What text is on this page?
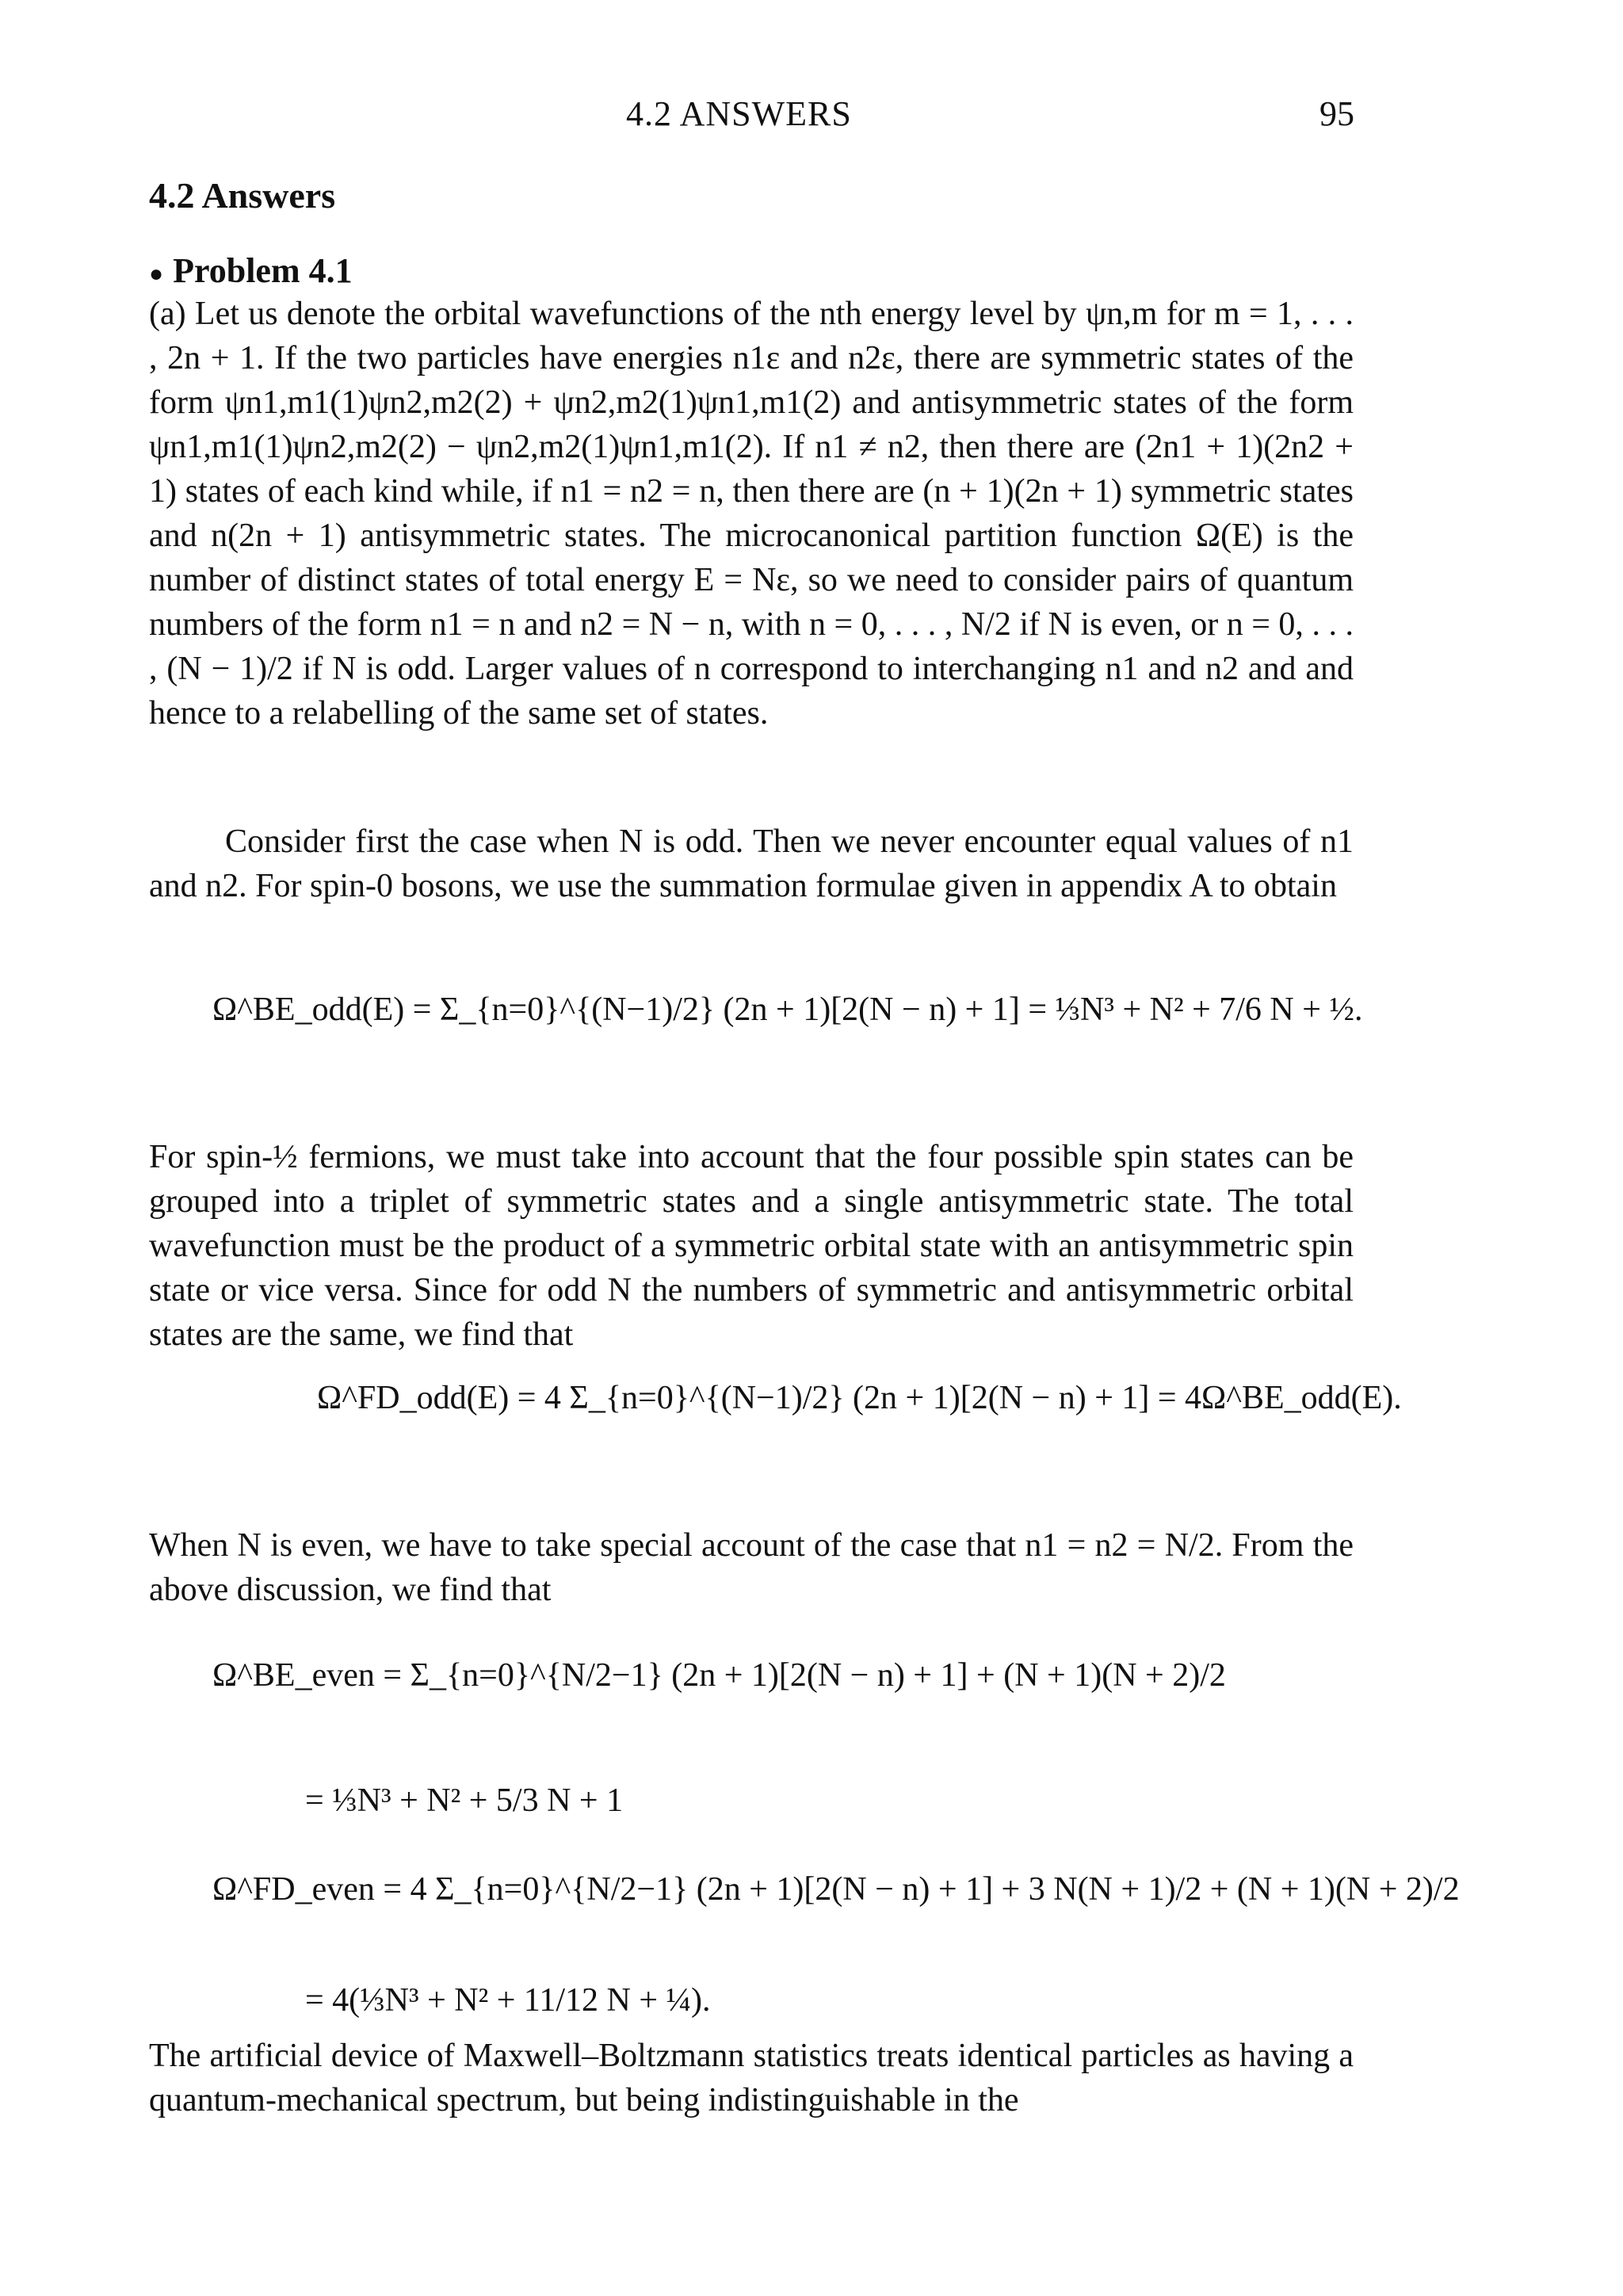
4.2 ANSWERS	95
4.2 Answers
● Problem 4.1
(a) Let us denote the orbital wavefunctions of the nth energy level by ψn,m for m = 1, . . . , 2n + 1. If the two particles have energies n1ε and n2ε, there are symmetric states of the form ψn1,m1(1)ψn2,m2(2) + ψn2,m2(1)ψn1,m1(2) and antisymmetric states of the form ψn1,m1(1)ψn2,m2(2) − ψn2,m2(1)ψn1,m1(2). If n1 ≠ n2, then there are (2n1 + 1)(2n2 + 1) states of each kind while, if n1 = n2 = n, then there are (n + 1)(2n + 1) symmetric states and n(2n + 1) antisymmetric states. The microcanonical partition function Ω(E) is the number of distinct states of total energy E = Nε, so we need to consider pairs of quantum numbers of the form n1 = n and n2 = N − n, with n = 0, . . . , N/2 if N is even, or n = 0, . . . , (N − 1)/2 if N is odd. Larger values of n correspond to interchanging n1 and n2 and and hence to a relabelling of the same set of states.
Consider first the case when N is odd. Then we never encounter equal values of n1 and n2. For spin-0 bosons, we use the summation formulae given in appendix A to obtain
Ω^BE_odd(E) = Σ_{n=0}^{(N−1)/2} (2n + 1)[2(N − n) + 1] = ⅓N³ + N² + 7/6 N + ½.
For spin-½ fermions, we must take into account that the four possible spin states can be grouped into a triplet of symmetric states and a single antisymmetric state. The total wavefunction must be the product of a symmetric orbital state with an antisymmetric spin state or vice versa. Since for odd N the numbers of symmetric and antisymmetric orbital states are the same, we find that
Ω^FD_odd(E) = 4 Σ_{n=0}^{(N−1)/2} (2n + 1)[2(N − n) + 1] = 4Ω^BE_odd(E).
When N is even, we have to take special account of the case that n1 = n2 = N/2. From the above discussion, we find that
Ω^BE_even = Σ_{n=0}^{N/2−1} (2n + 1)[2(N − n) + 1] + (N + 1)(N + 2)/2
= ⅓N³ + N² + 5/3 N + 1
Ω^FD_even = 4 Σ_{n=0}^{N/2−1} (2n + 1)[2(N − n) + 1] + 3 N(N + 1)/2 + (N + 1)(N + 2)/2
= 4(⅓N³ + N² + 11/12 N + ¼).
The artificial device of Maxwell–Boltzmann statistics treats identical particles as having a quantum-mechanical spectrum, but being indistinguishable in the
